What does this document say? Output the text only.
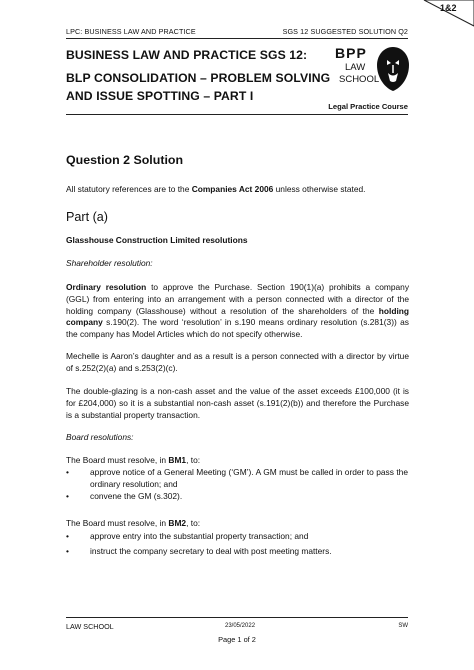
1&2
LPC: BUSINESS LAW AND PRACTICE	SGS 12 SUGGESTED SOLUTION Q2
BUSINESS LAW AND PRACTICE SGS 12:
BLP CONSOLIDATION – PROBLEM SOLVING
AND ISSUE SPOTTING – PART I
BPP
LAW
SCHOOL
Legal Practice Course
Question 2 Solution
All statutory references are to the Companies Act 2006 unless otherwise stated.
Part (a)
Glasshouse Construction Limited resolutions
Shareholder resolution:
Ordinary resolution to approve the Purchase. Section 190(1)(a) prohibits a company (GGL) from entering into an arrangement with a person connected with a director of the holding company (Glasshouse) without a resolution of the shareholders of the holding company s.190(2). The word ‘resolution’ in s.190 means ordinary resolution (s.281(3)) as the company has Model Articles which do not specify otherwise.
Mechelle is Aaron’s daughter and as a result is a person connected with a director by virtue of s.252(2)(a) and s.253(2)(c).
The double-glazing is a non-cash asset and the value of the asset exceeds £100,000 (it is for £204,000) so it is a substantial non-cash asset (s.191(2)(b)) and therefore the Purchase is a substantial property transaction.
Board resolutions:
The Board must resolve, in BM1, to:
•	approve notice of a General Meeting (‘GM’). A GM must be called in order to pass the ordinary resolution; and
•	convene the GM (s.302).
The Board must resolve, in BM2, to:
•	approve entry into the substantial property transaction; and
•	instruct the company secretary to deal with post meeting matters.
LAW SCHOOL	23/05/2022	SW
Page 1 of 2
